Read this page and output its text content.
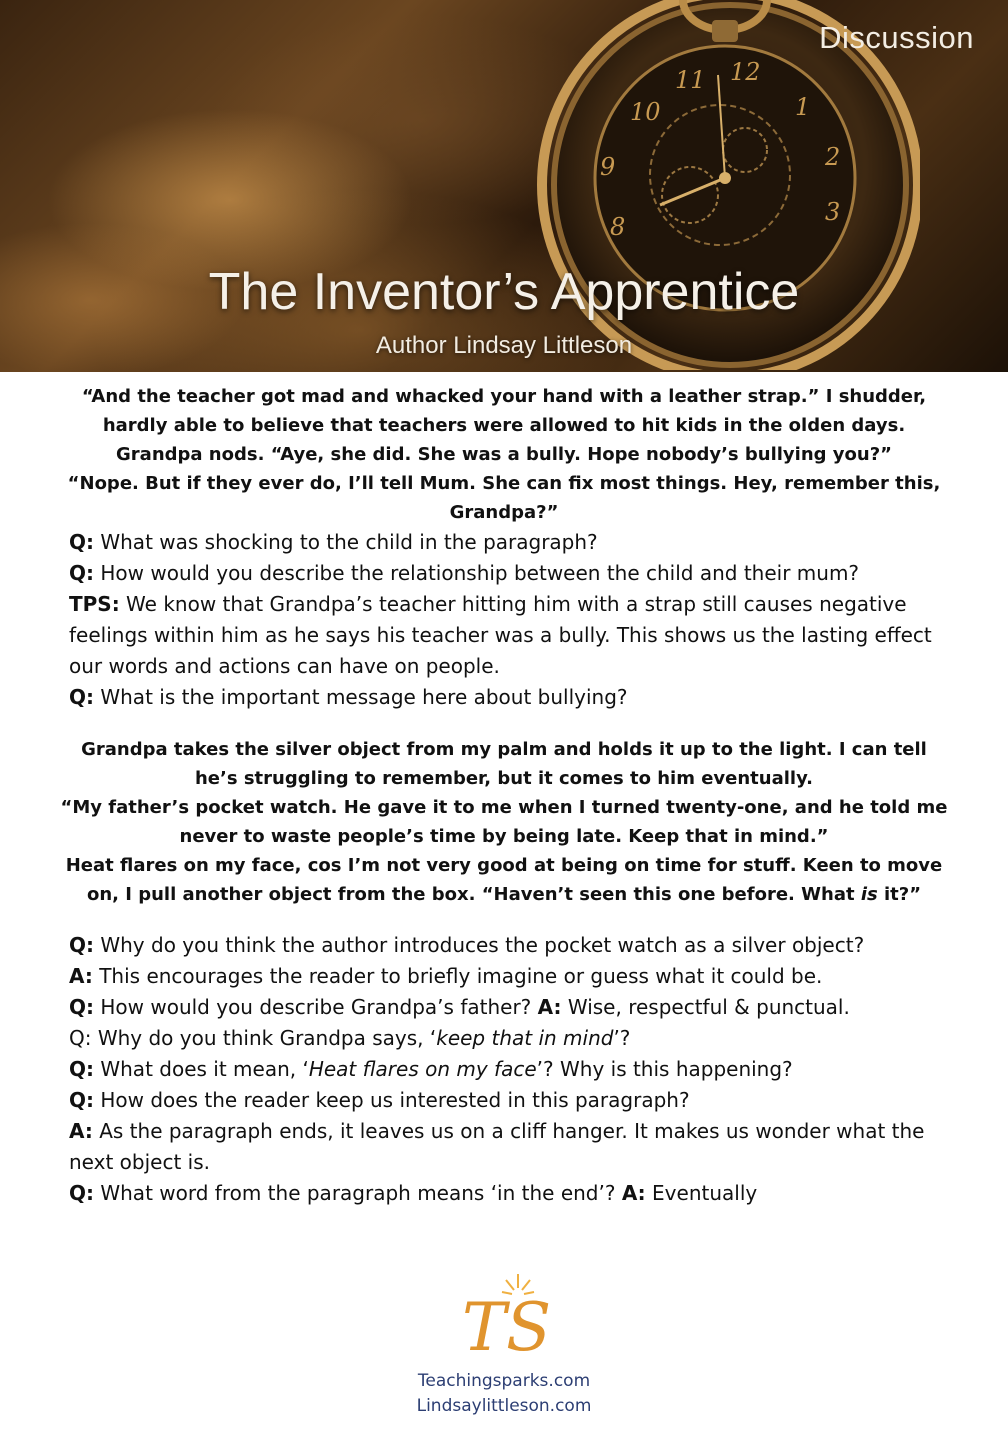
12
11
10	1
2
9
8
3
Discussion
The Inventor’s Apprentice
Author Lindsay Littleson

“And the teacher got mad and whacked your hand with a leather strap.” I shudder, hardly able to believe that teachers were allowed to hit kids in the olden days.

Grandpa nods. “Aye, she did. She was a bully. Hope nobody’s bullying you?”

“Nope. But if they ever do, I’ll tell Mum. She can fix most things. Hey, remember this, Grandpa?”

Q: What was shocking to the child in the paragraph?

Q: How would you describe the relationship between the child and their mum?

TPS: We know that Grandpa’s teacher hitting him with a strap still causes negative feelings within him as he says his teacher was a bully. This shows us the lasting effect our words and actions can have on people.

Q: What is the important message here about bullying?

Grandpa takes the silver object from my palm and holds it up to the light. I can tell he’s struggling to remember, but it comes to him eventually.

“My father’s pocket watch. He gave it to me when I turned twenty-one, and he told me never to waste people’s time by being late. Keep that in mind.”

Heat flares on my face, cos I’m not very good at being on time for stuff. Keen to move on, I pull another object from the box. “Haven’t seen this one before. What is it?”

Q: Why do you think the author introduces the pocket watch as a silver object?

A: This encourages the reader to briefly imagine or guess what it could be.

Q: How would you describe Grandpa’s father? A: Wise, respectful & punctual.

Q: Why do you think Grandpa says, ‘keep that in mind’?

Q: What does it mean, ‘Heat flares on my face’? Why is this happening?

Q: How does the reader keep us interested in this paragraph?

A: As the paragraph ends, it leaves us on a cliff hanger. It makes us wonder what the next object is.

Q: What word from the paragraph means ‘in the end’? A: Eventually

TS
Teachingsparks.com
Lindsaylittleson.com
